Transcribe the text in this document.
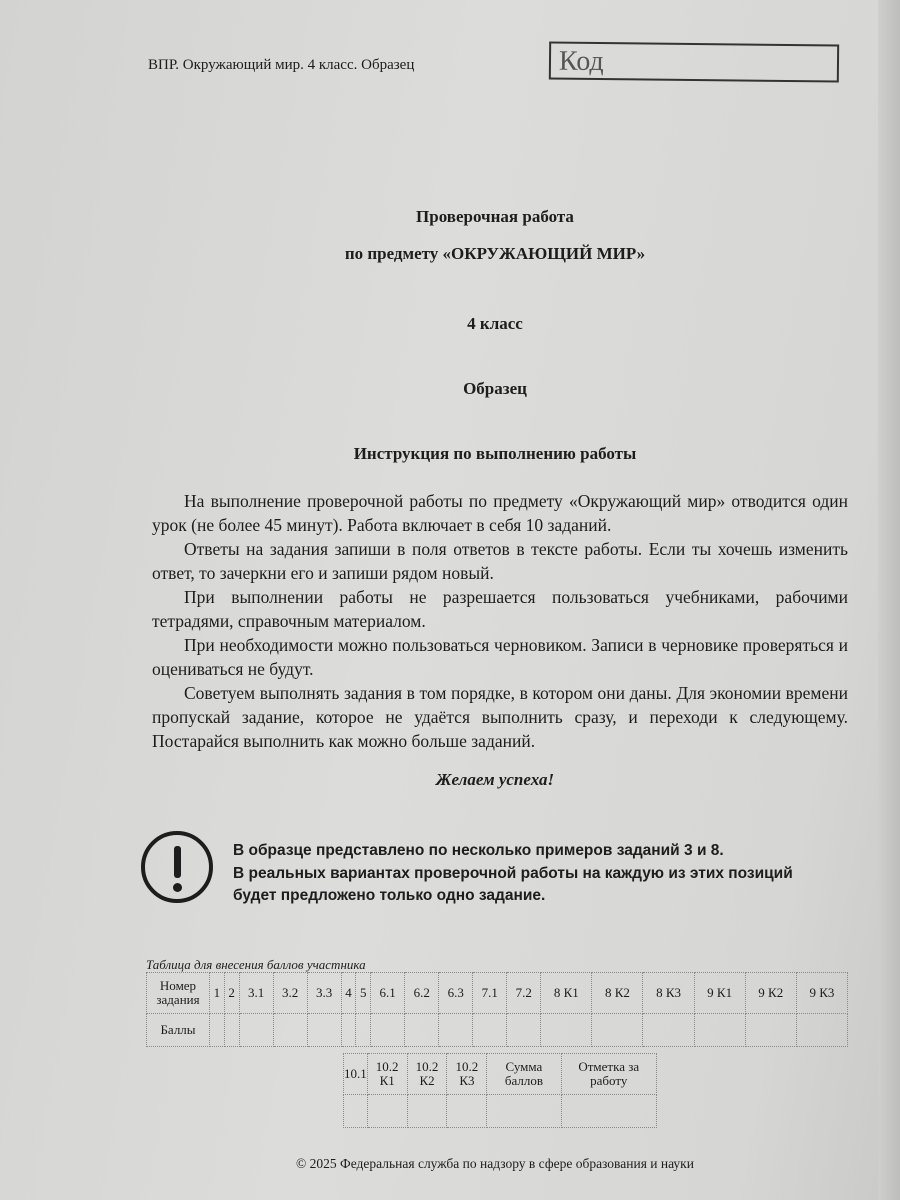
ВПР. Окружающий мир. 4 класс. Образец	Код
Проверочная работа
по предмету «ОКРУЖАЮЩИЙ МИР»
4 класс
Образец
Инструкция по выполнению работы

На выполнение проверочной работы по предмету «Окружающий мир» отводится один урок (не более 45 минут). Работа включает в себя 10 заданий.

Ответы на задания запиши в поля ответов в тексте работы. Если ты хочешь изменить ответ, то зачеркни его и запиши рядом новый.

При выполнении работы не разрешается пользоваться учебниками, рабочими тетрадями, справочным материалом.

При необходимости можно пользоваться черновиком. Записи в черновике проверяться и оцениваться не будут.

Советуем выполнять задания в том порядке, в котором они даны. Для экономии времени пропускай задание, которое не удаётся выполнить сразу, и переходи к следующему. Постарайся выполнить как можно больше заданий.

Желаем успеха!
В образце представлено по несколько примеров заданий 3 и 8.
В реальных вариантах проверочной работы на каждую из этих позиций
будет предложено только одно задание.
Таблица для внесения баллов участника
Номер задания	1	2	3.1	3.2	3.3	4	5	6.1	6.2	6.3	7.1	7.2	8 К1	8 К2	8 К3	9 К1	9 К2	9 К3
Баллы																		
10.1	10.2 К1	10.2 К2	10.2 К3	Сумма баллов	Отметка за работу

© 2025 Федеральная служба по надзору в сфере образования и науки
